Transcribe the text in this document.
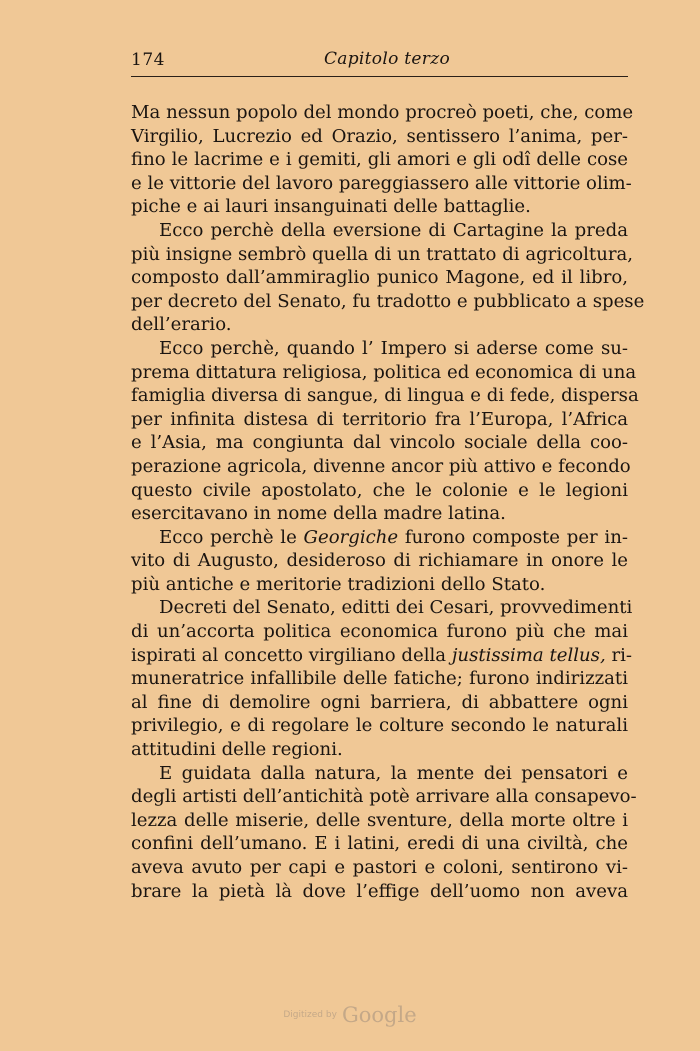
174	Capitolo terzo
Ma nessun popolo del mondo procreò poeti, che, come
Virgilio, Lucrezio ed Orazio, sentissero l’anima, per-
fino le lacrime e i gemiti, gli amori e gli odî delle cose
e le vittorie del lavoro pareggiassero alle vittorie olim-
piche e ai lauri insanguinati delle battaglie.
Ecco perchè della eversione di Cartagine la preda
più insigne sembrò quella di un trattato di agricoltura,
composto dall’ammiraglio punico Magone, ed il libro,
per decreto del Senato, fu tradotto e pubblicato a spese
dell’erario.
Ecco perchè, quando l’ Impero si aderse come su-
prema dittatura religiosa, politica ed economica di una
famiglia diversa di sangue, di lingua e di fede, dispersa
per infinita distesa di territorio fra l’Europa, l’Africa
e l’Asia, ma congiunta dal vincolo sociale della coo-
perazione agricola, divenne ancor più attivo e fecondo
questo civile apostolato, che le colonie e le legioni
esercitavano in nome della madre latina.
Ecco perchè le Georgiche furono composte per in-
vito di Augusto, desideroso di richiamare in onore le
più antiche e meritorie tradizioni dello Stato.
Decreti del Senato, editti dei Cesari, provvedimenti
di un’accorta politica economica furono più che mai
ispirati al concetto virgiliano della justissima tellus, ri-
muneratrice infallibile delle fatiche; furono indirizzati
al fine di demolire ogni barriera, di abbattere ogni
privilegio, e di regolare le colture secondo le naturali
attitudini delle regioni.
E guidata dalla natura, la mente dei pensatori e
degli artisti dell’antichità potè arrivare alla consapevo-
lezza delle miserie, delle sventure, della morte oltre i
confini dell’umano. E i latini, eredi di una civiltà, che
aveva avuto per capi e pastori e coloni, sentirono vi-
brare la pietà là dove l’effige dell’uomo non aveva
Digitized by Google
